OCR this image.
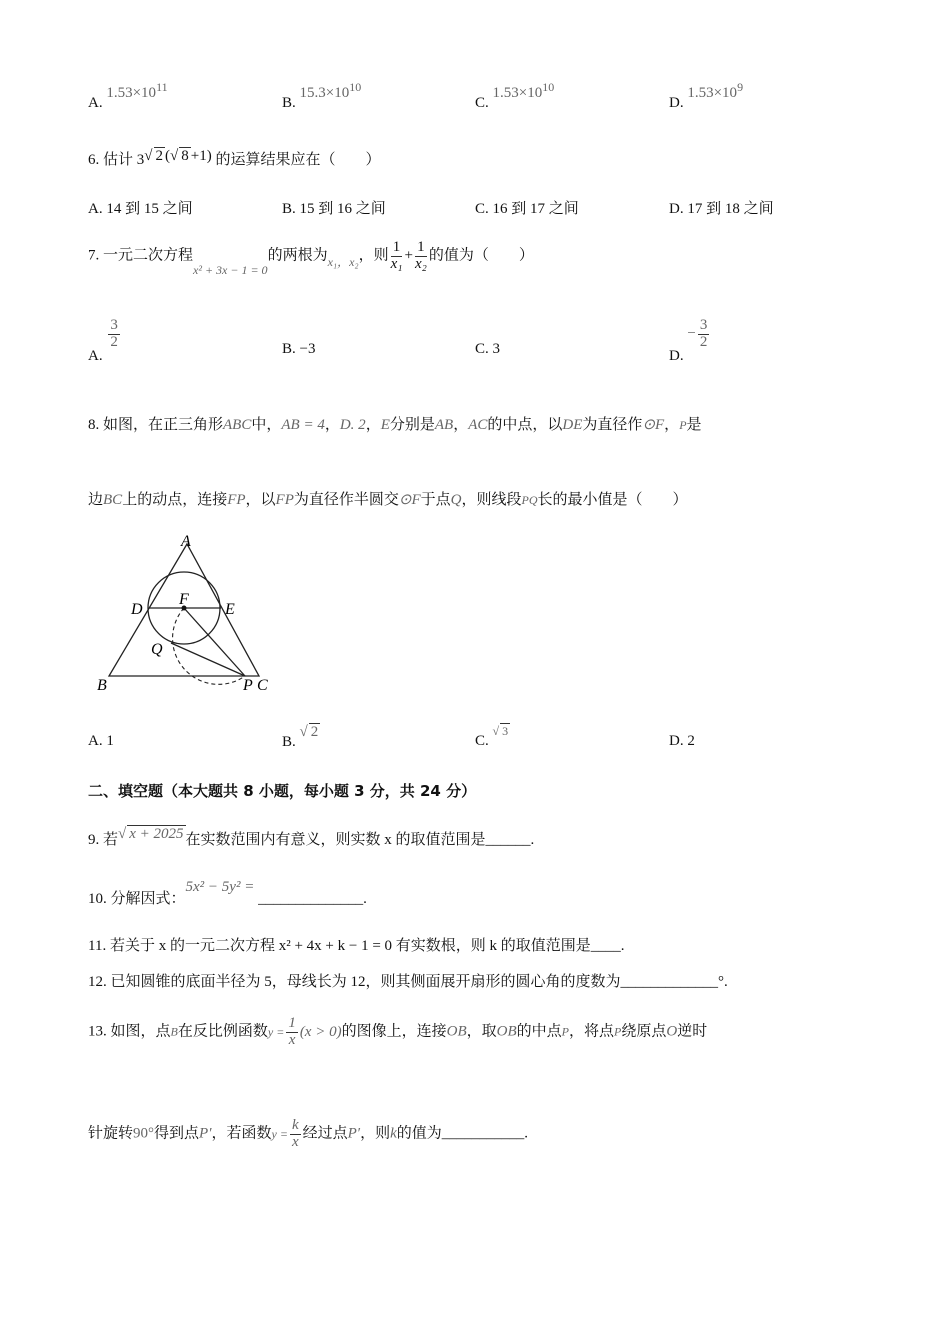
A. $1.53\times 10^{11}$
B. $15.3\times 10^{10}$
C. $1.53\times 10^{10}$
D. $1.53\times 10^9$
6. 估计 3√ 2 (√ 8 +1) 的运算结果应在（　　）
A. 14 到 15 之间	B. 15 到 16 之间	C. 16 到 17 之间	D. 17 到 18 之间
7. 一元二次方程$_{x^2 + 3x - 1 = 0}$的两根为$_{x_1,x_2}$，则 $\frac{1}{\text{x₁}} + \frac{1}{\text{x₂}}$ 的值为（　　）
A.
$\frac{3}{2}$	B. −3	C. 3	D. − $\frac{3}{2}$
8. 如图，在正三角形ABC中，AB = 4，D. 2，E分别是AB，AC的中点，以DE为直径作⊙F，P是
边BC上的动点，连接FP，以FP为直径作半圆交⊙F于点Q，则线段PQ长的最小值是（　　）
A
B	C
D	E
F
P
Q
A. 1	B. √ 2
C. $^{√ 3}$
D. 2
二、填空题（本大题共 8 小题，每小题 3 分，共 24 分）
9. 若√ x + 2025 在实数范围内有意义，则实数 x 的取值范围是______.
10. 分解因式：5x² − 5y² = ______________.
11. 若关于 x 的一元二次方程 x² + 4x + k − 1 = 0 有实数根，则 k 的取值范围是____.
12. 已知圆锥的底面半径为 5，母线长为 12，则其侧面展开扇形的圆心角的度数为_____________°.
13. 如图，点B在反比例函数$y = \frac{1}{x} (x > 0)$的图像上，连接OB，取OB的中点P，将点P绕原点O逆时
针旋转90°得到点P′，若函数$y = \frac{k}{x}$ 经过点P′，则k的值为___________.
